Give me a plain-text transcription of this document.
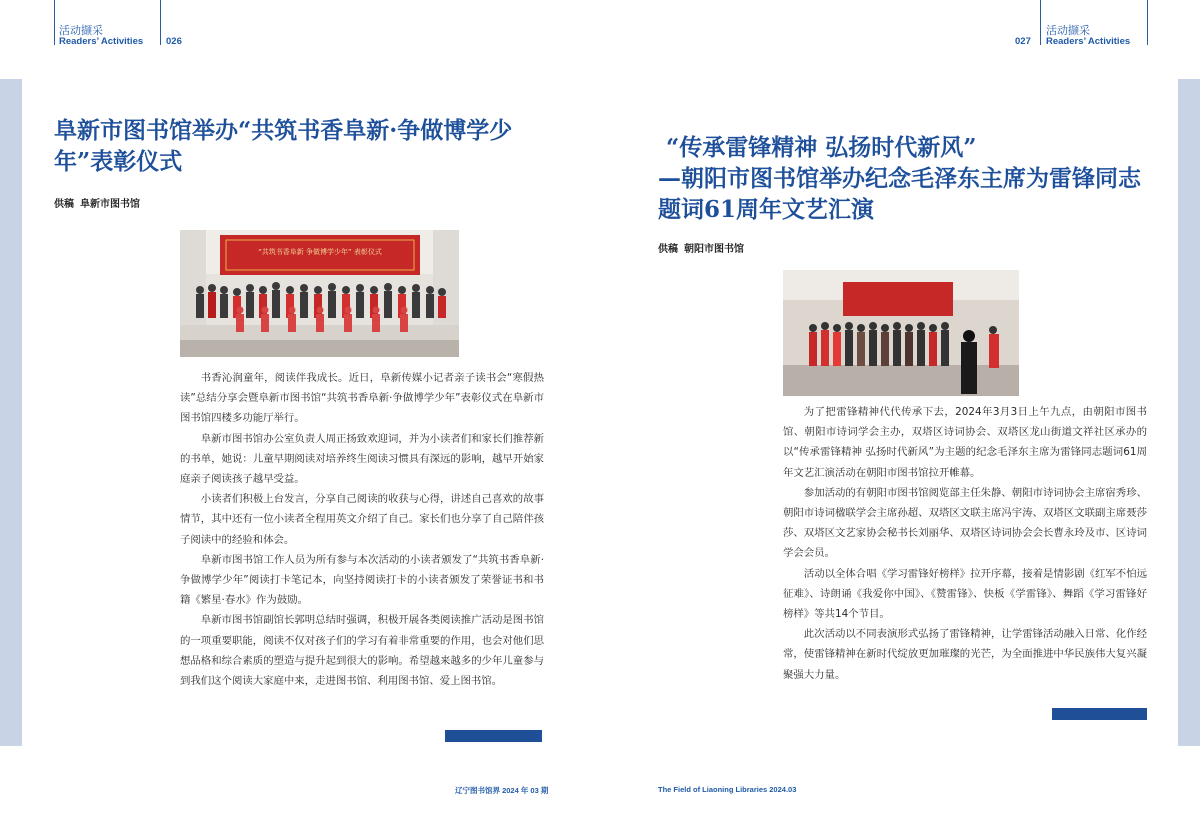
活动撷采
Readers’ Activities 026	027
活动撷采
Readers’ Activities
阜新市图书馆举办“共筑书香阜新·争做博学少年”表彰仪式
供稿 阜新市图书馆
“共筑书香阜新 争做博学少年” 表彰仪式

书香沁润童年，阅读伴我成长。近日，阜新传媒小记者亲子读书会“寒假热读”总结分享会暨阜新市图书馆“共筑书香阜新·争做博学少年”表彰仪式在阜新市图书馆四楼多功能厅举行。

阜新市图书馆办公室负责人周正扬致欢迎词，并为小读者们和家长们推荐新的书单，她说：儿童早期阅读对培养终生阅读习惯具有深远的影响，越早开始家庭亲子阅读孩子越早受益。

小读者们积极上台发言，分享自己阅读的收获与心得，讲述自己喜欢的故事情节，其中还有一位小读者全程用英文介绍了自己。家长们也分享了自己陪伴孩子阅读中的经验和体会。

阜新市图书馆工作人员为所有参与本次活动的小读者颁发了“共筑书香阜新·争做博学少年”阅读打卡笔记本，向坚持阅读打卡的小读者颁发了荣誉证书和书籍《繁星·春水》作为鼓励。

阜新市图书馆副馆长郭明总结时强调，积极开展各类阅读推广活动是图书馆的一项重要职能，阅读不仅对孩子们的学习有着非常重要的作用，也会对他们思想品格和综合素质的塑造与提升起到很大的影响。希望越来越多的少年儿童参与到我们这个阅读大家庭中来，走进图书馆、利用图书馆、爱上图书馆。

“传承雷锋精神 弘扬时代新风”
—朝阳市图书馆举办纪念毛泽东主席为雷锋同志题词61周年文艺汇演
供稿 朝阳市图书馆

为了把雷锋精神代代传承下去，2024年3月3日上午九点，由朝阳市图书馆、朝阳市诗词学会主办，双塔区诗词协会、双塔区龙山街道文祥社区承办的以“传承雷锋精神 弘扬时代新风”为主题的纪念毛泽东主席为雷锋同志题词61周年文艺汇演活动在朝阳市图书馆拉开帷幕。

参加活动的有朝阳市图书馆阅览部主任朱静、朝阳市诗词协会主席宿秀珍、朝阳市诗词楹联学会主席孙超、双塔区文联主席冯宇涛、双塔区文联副主席聂莎莎、双塔区文艺家协会秘书长刘丽华、双塔区诗词协会会长曹永玲及市、区诗词学会会员。

活动以全体合唱《学习雷锋好榜样》拉开序幕，接着是情影剧《红军不怕远征难》、诗朗诵《我爱你中国》、《赞雷锋》、快板《学雷锋》、舞蹈《学习雷锋好榜样》等共14个节目。

此次活动以不同表演形式弘扬了雷锋精神，让学雷锋活动融入日常、化作经常，使雷锋精神在新时代绽放更加璀璨的光芒，为全面推进中华民族伟大复兴凝聚强大力量。

辽宁图书馆界 2024 年 03 期	The Field of Liaoning Libraries 2024.03
